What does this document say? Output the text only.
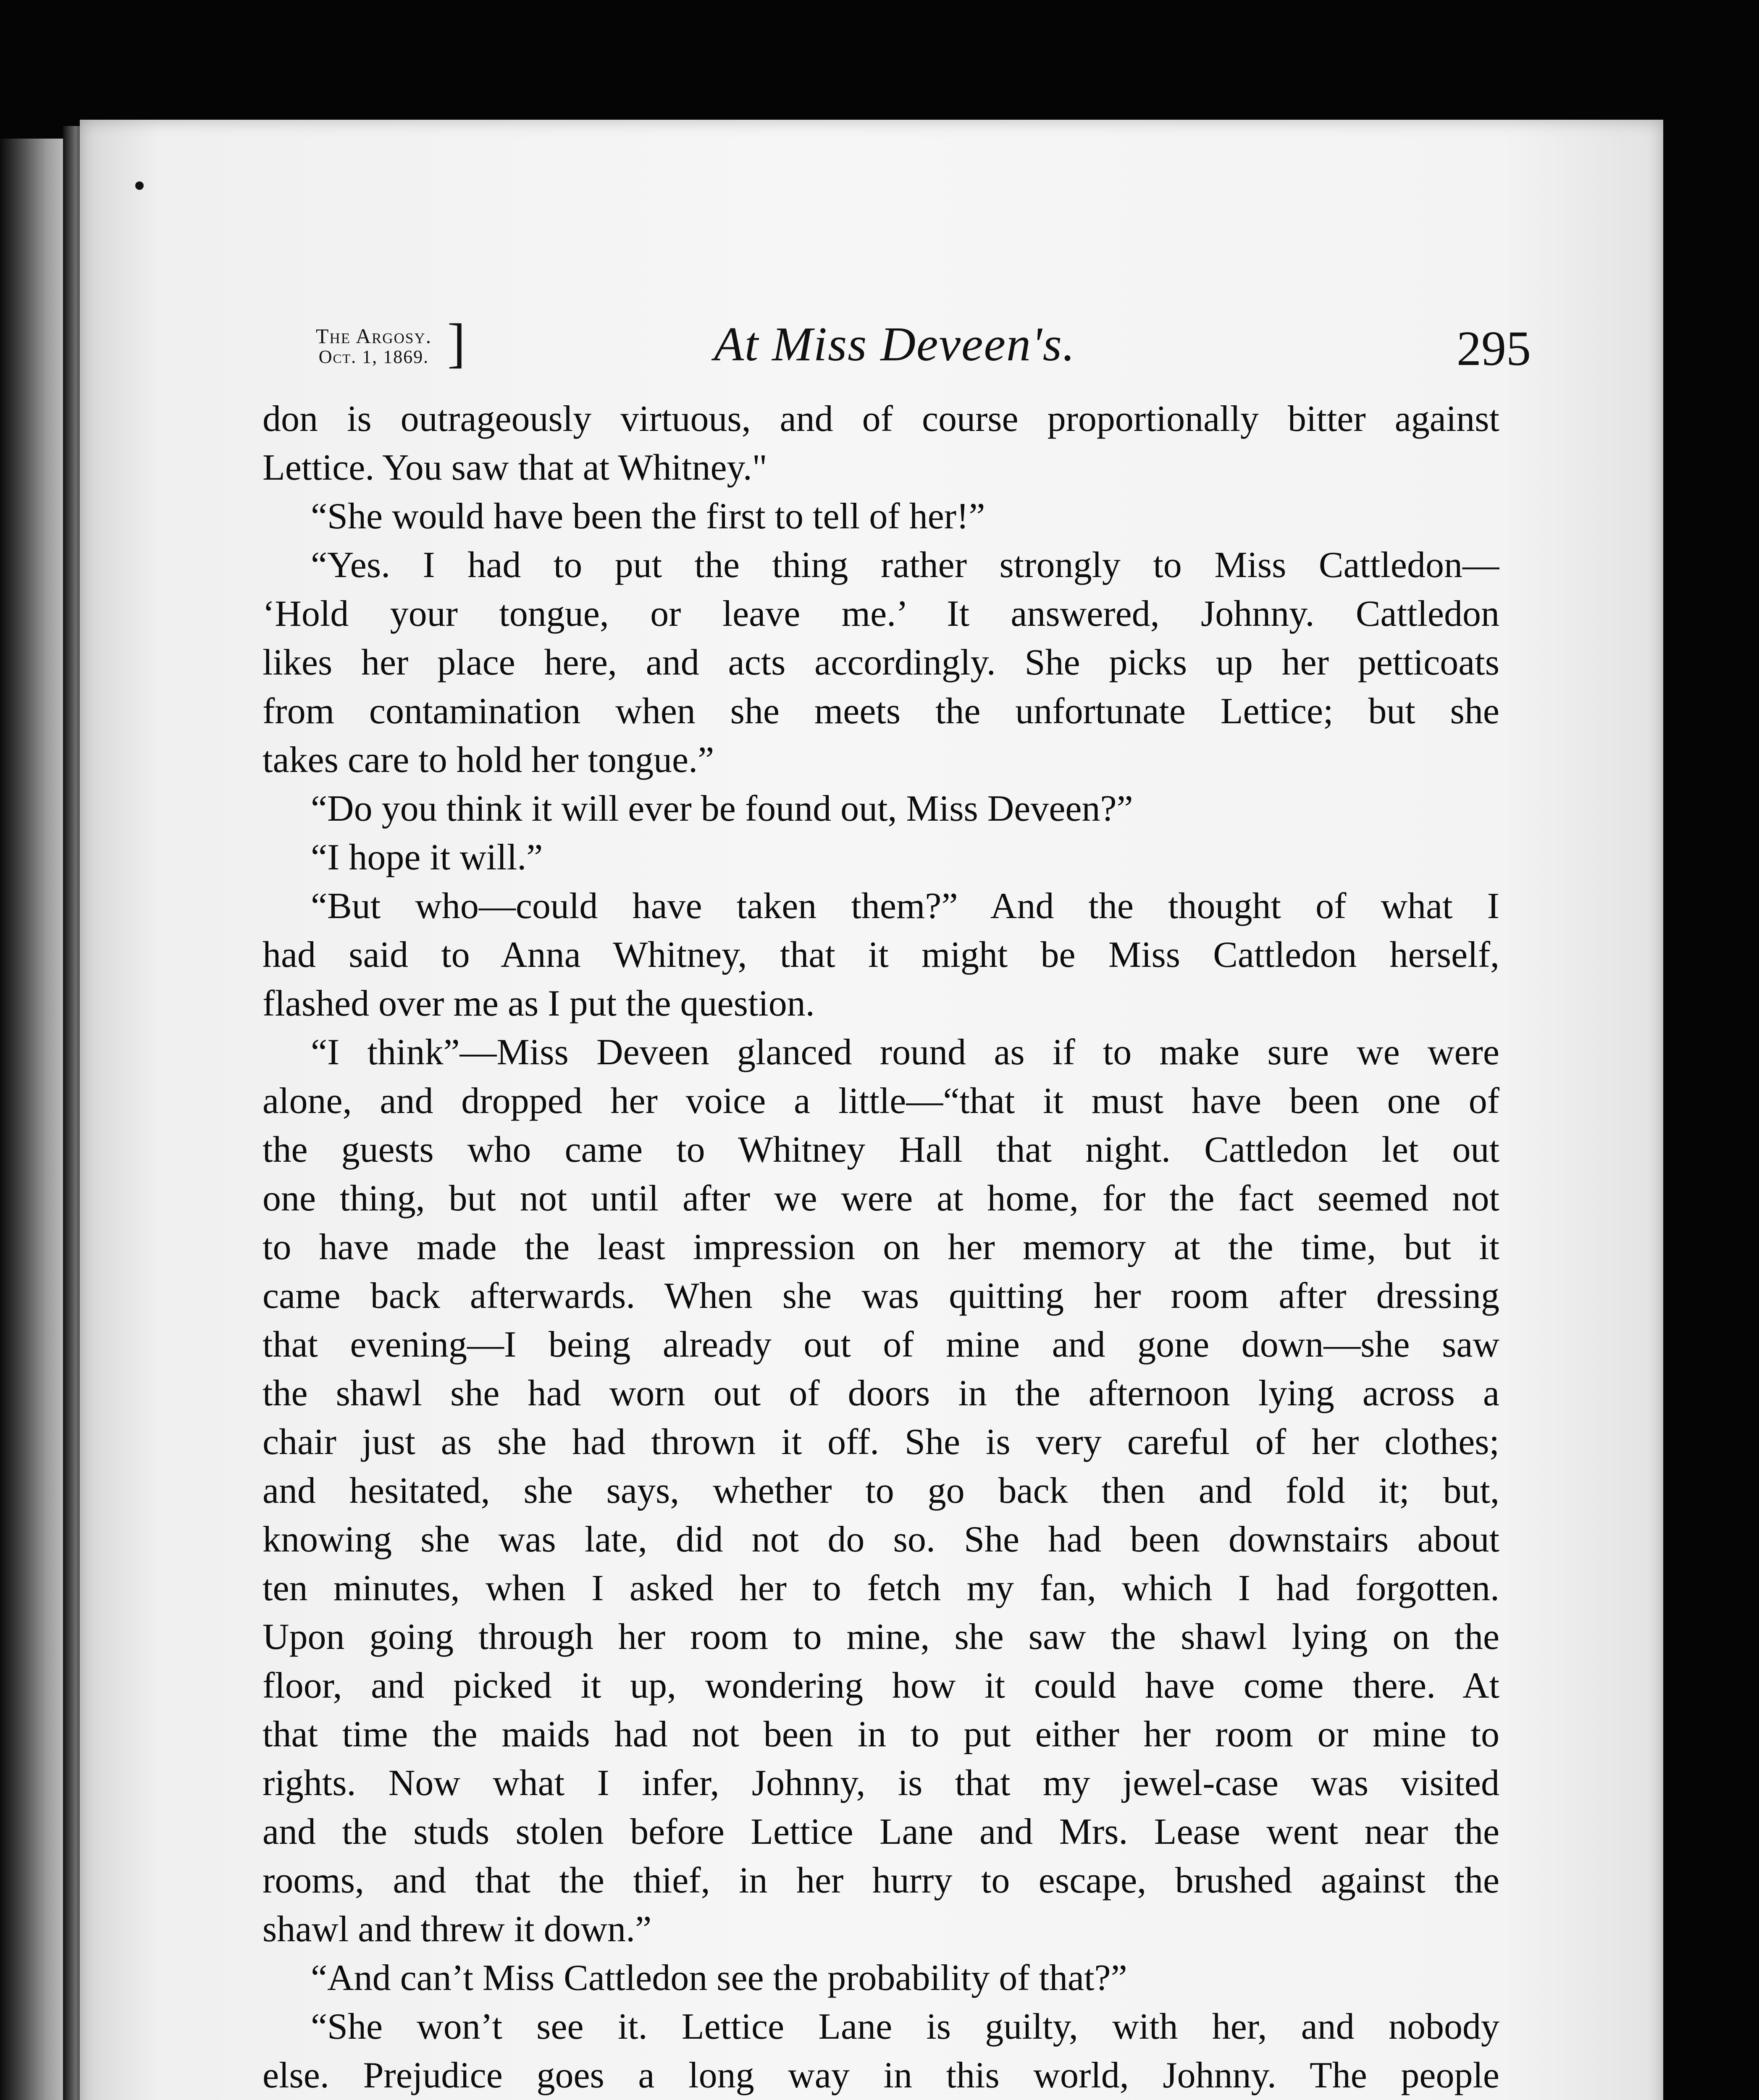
The Argosy.
Oct. 1, 1869. ]	At Miss Deveen's.	295
don is outrageously virtuous, and of course proportionally bitter against
Lettice. You saw that at Whitney."
“She would have been the first to tell of her!”
“Yes. I had to put the thing rather strongly to Miss Cattledon—
‘Hold your tongue, or leave me.’ It answered, Johnny. Cattledon
likes her place here, and acts accordingly. She picks up her petticoats
from contamination when she meets the unfortunate Lettice; but she
takes care to hold her tongue.”
“Do you think it will ever be found out, Miss Deveen?”
“I hope it will.”
“But who—could have taken them?” And the thought of what I
had said to Anna Whitney, that it might be Miss Cattledon herself,
flashed over me as I put the question.
“I think”—Miss Deveen glanced round as if to make sure we were
alone, and dropped her voice a little—“that it must have been one of
the guests who came to Whitney Hall that night. Cattledon let out
one thing, but not until after we were at home, for the fact seemed not
to have made the least impression on her memory at the time, but it
came back afterwards. When she was quitting her room after dressing
that evening—I being already out of mine and gone down—she saw
the shawl she had worn out of doors in the afternoon lying across a
chair just as she had thrown it off. She is very careful of her clothes;
and hesitated, she says, whether to go back then and fold it; but,
knowing she was late, did not do so. She had been downstairs about
ten minutes, when I asked her to fetch my fan, which I had forgotten.
Upon going through her room to mine, she saw the shawl lying on the
floor, and picked it up, wondering how it could have come there. At
that time the maids had not been in to put either her room or mine to
rights. Now what I infer, Johnny, is that my jewel-case was visited
and the studs stolen before Lettice Lane and Mrs. Lease went near the
rooms, and that the thief, in her hurry to escape, brushed against the
shawl and threw it down.”
“And can’t Miss Cattledon see the probability of that?”
“She won’t see it. Lettice Lane is guilty, with her, and nobody
else. Prejudice goes a long way in this world, Johnny. The people
